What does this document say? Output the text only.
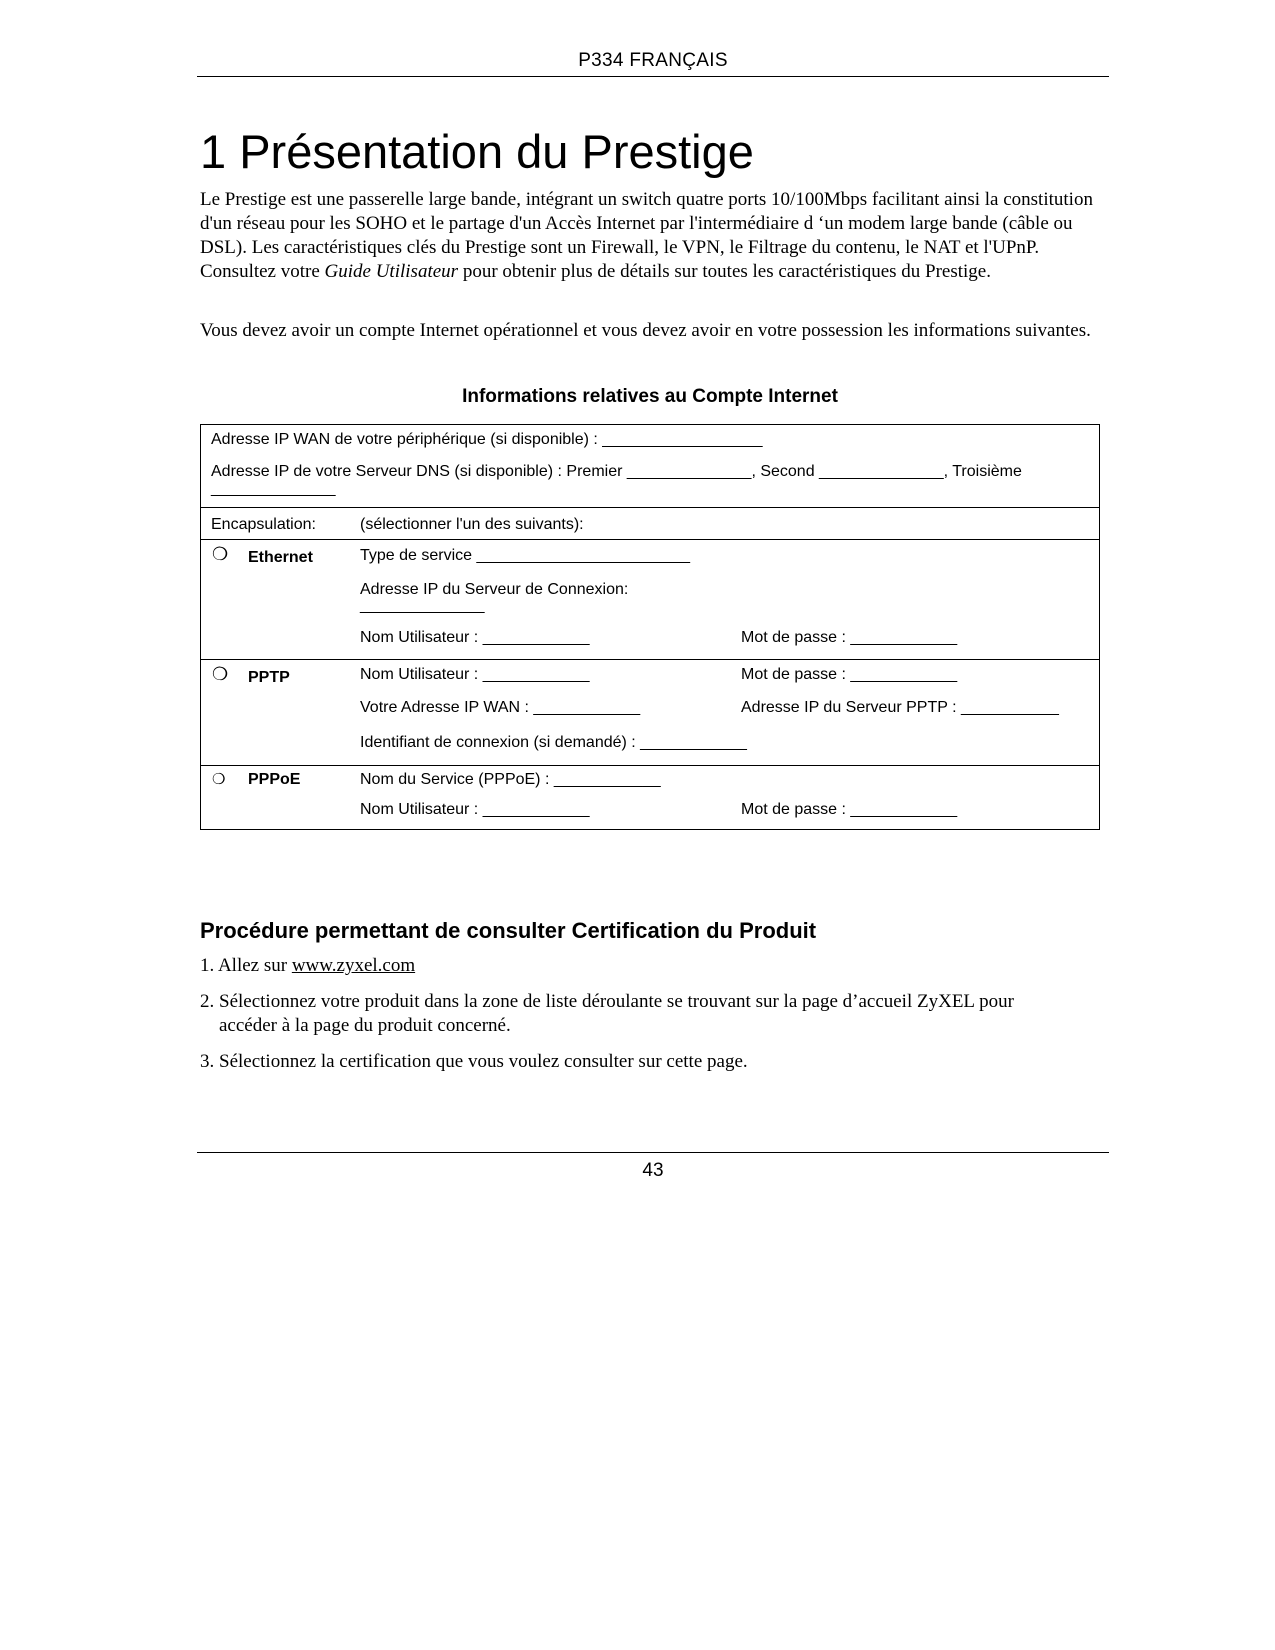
P334 FRANÇAIS
1 Présentation du Prestige

Le Prestige est une passerelle large bande, intégrant un switch quatre ports 10/100Mbps facilitant ainsi la constitution d'un réseau pour les SOHO et le partage d'un Accès Internet par l'intermédiaire d ‘un modem large bande (câble ou DSL). Les caractéristiques clés du Prestige sont un Firewall, le VPN, le Filtrage du contenu, le NAT et l'UPnP. Consultez votre Guide Utilisateur pour obtenir plus de détails sur toutes les caractéristiques du Prestige.

Vous devez avoir un compte Internet opérationnel et vous devez avoir en votre possession les informations suivantes.

Informations relatives au Compte Internet
Adresse IP WAN de votre périphérique (si disponible) : __________________
Adresse IP de votre Serveur DNS (si disponible) : Premier ______________, Second ______________, Troisième
______________
Encapsulation:	(sélectionner l'un des suivants):
❍ Ethernet	Type de service ________________________
Adresse IP du Serveur de Connexion:
______________
Nom Utilisateur : ____________	Mot de passe : ____________
❍ PPTP	Nom Utilisateur : ____________	Mot de passe : ____________
Votre Adresse IP WAN : ____________	Adresse IP du Serveur PPTP : ___________
Identifiant de connexion (si demandé) : ____________
❍ PPPoE	Nom du Service (PPPoE) : ____________
Nom Utilisateur : ____________	Mot de passe : ____________
Procédure permettant de consulter Certification du Produit
1. Allez sur www.zyxel.com
2. Sélectionnez votre produit dans la zone de liste déroulante se trouvant sur la page d’accueil ZyXEL pour
accéder à la page du produit concerné.
3. Sélectionnez la certification que vous voulez consulter sur cette page.
43
